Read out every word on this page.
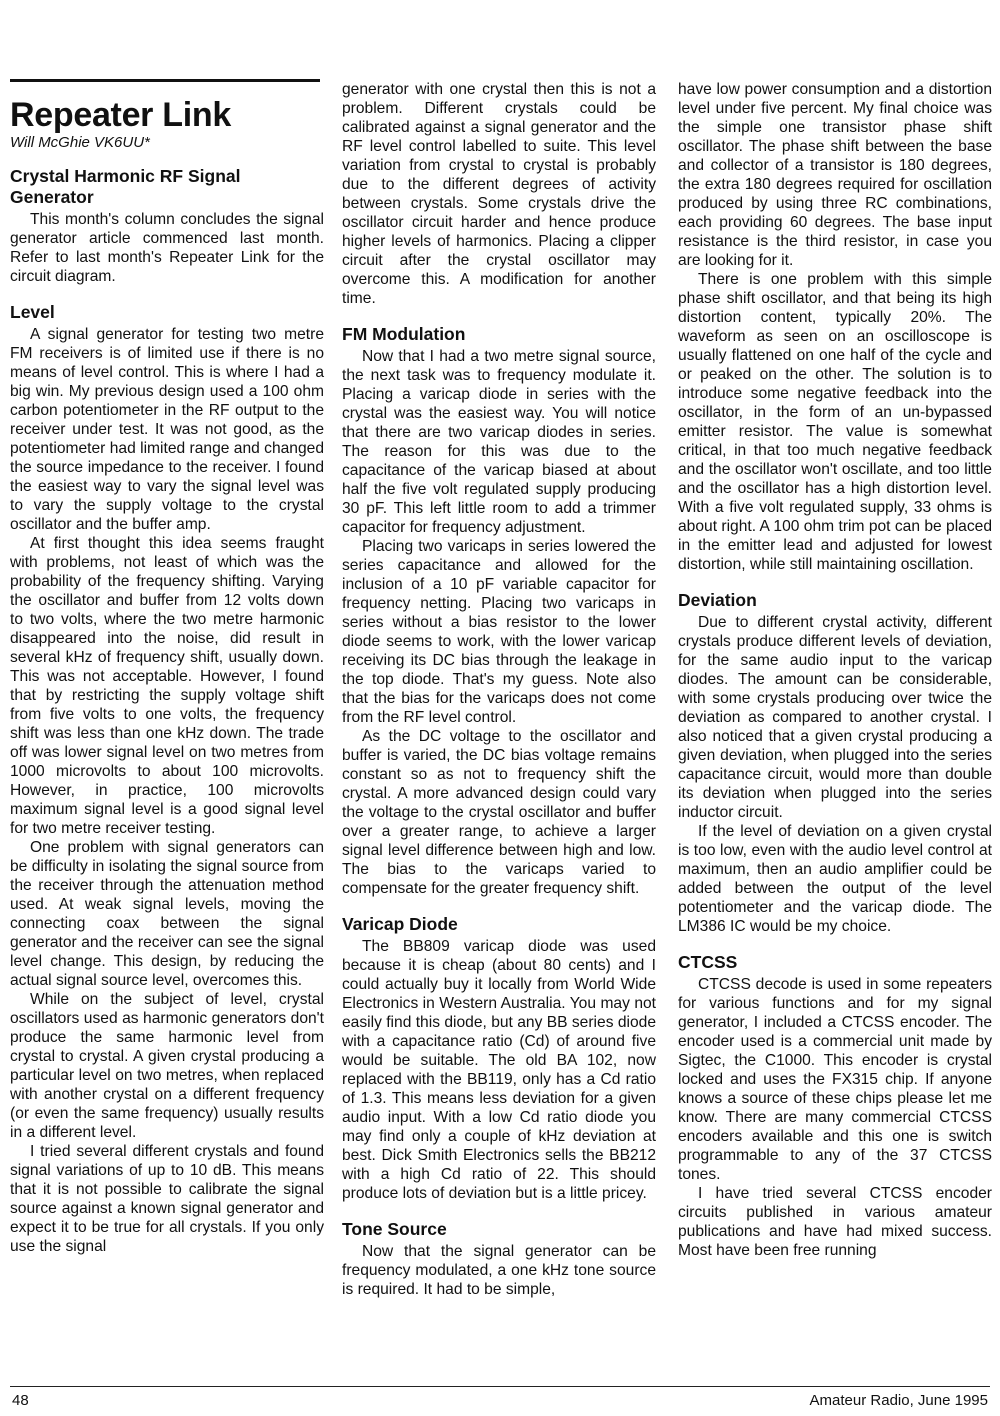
Repeater Link
Will McGhie VK6UU*
Crystal Harmonic RF Signal Generator

This month's column concludes the signal generator article commenced last month. Refer to last month's Repeater Link for the circuit diagram.

Level

A signal generator for testing two metre FM receivers is of limited use if there is no means of level control. This is where I had a big win. My previous design used a 100 ohm carbon potentiometer in the RF output to the receiver under test. It was not good, as the potentiometer had limited range and changed the source impedance to the receiver. I found the easiest way to vary the signal level was to vary the supply voltage to the crystal oscillator and the buffer amp.

At first thought this idea seems fraught with problems, not least of which was the probability of the frequency shifting. Varying the oscillator and buffer from 12 volts down to two volts, where the two metre harmonic disappeared into the noise, did result in several kHz of frequency shift, usually down. This was not acceptable. However, I found that by restricting the supply voltage shift from five volts to one volts, the frequency shift was less than one kHz down. The trade off was lower signal level on two metres from 1000 microvolts to about 100 microvolts. However, in practice, 100 microvolts maximum signal level is a good signal level for two metre receiver testing.

One problem with signal generators can be difficulty in isolating the signal source from the receiver through the attenuation method used. At weak signal levels, moving the connecting coax between the signal generator and the receiver can see the signal level change. This design, by reducing the actual signal source level, overcomes this.

While on the subject of level, crystal oscillators used as harmonic generators don't produce the same harmonic level from crystal to crystal. A given crystal producing a particular level on two metres, when replaced with another crystal on a different frequency (or even the same frequency) usually results in a different level.

I tried several different crystals and found signal variations of up to 10 dB. This means that it is not possible to calibrate the signal source against a known signal generator and expect it to be true for all crystals. If you only use the signal

generator with one crystal then this is not a problem. Different crystals could be calibrated against a signal generator and the RF level control labelled to suite. This level variation from crystal to crystal is probably due to the different degrees of activity between crystals. Some crystals drive the oscillator circuit harder and hence produce higher levels of harmonics. Placing a clipper circuit after the crystal oscillator may overcome this. A modification for another time.

FM Modulation

Now that I had a two metre signal source, the next task was to frequency modulate it. Placing a varicap diode in series with the crystal was the easiest way. You will notice that there are two varicap diodes in series. The reason for this was due to the capacitance of the varicap biased at about half the five volt regulated supply producing 30 pF. This left little room to add a trimmer capacitor for frequency adjustment.

Placing two varicaps in series lowered the series capacitance and allowed for the inclusion of a 10 pF variable capacitor for frequency netting. Placing two varicaps in series without a bias resistor to the lower diode seems to work, with the lower varicap receiving its DC bias through the leakage in the top diode. That's my guess. Note also that the bias for the varicaps does not come from the RF level control.

As the DC voltage to the oscillator and buffer is varied, the DC bias voltage remains constant so as not to frequency shift the crystal. A more advanced design could vary the voltage to the crystal oscillator and buffer over a greater range, to achieve a larger signal level difference between high and low. The bias to the varicaps varied to compensate for the greater frequency shift.

Varicap Diode

The BB809 varicap diode was used because it is cheap (about 80 cents) and I could actually buy it locally from World Wide Electronics in Western Australia. You may not easily find this diode, but any BB series diode with a capacitance ratio (Cd) of around five would be suitable. The old BA 102, now replaced with the BB119, only has a Cd ratio of 1.3. This means less deviation for a given audio input. With a low Cd ratio diode you may find only a couple of kHz deviation at best. Dick Smith Electronics sells the BB212 with a high Cd ratio of 22. This should produce lots of deviation but is a little pricey.

Tone Source

Now that the signal generator can be frequency modulated, a one kHz tone source is required. It had to be simple,

have low power consumption and a distortion level under five percent. My final choice was the simple one transistor phase shift oscillator. The phase shift between the base and collector of a transistor is 180 degrees, the extra 180 degrees required for oscillation produced by using three RC combinations, each providing 60 degrees. The base input resistance is the third resistor, in case you are looking for it.

There is one problem with this simple phase shift oscillator, and that being its high distortion content, typically 20%. The waveform as seen on an oscilloscope is usually flattened on one half of the cycle and or peaked on the other. The solution is to introduce some negative feedback into the oscillator, in the form of an un-bypassed emitter resistor. The value is somewhat critical, in that too much negative feedback and the oscillator won't oscillate, and too little and the oscillator has a high distortion level. With a five volt regulated supply, 33 ohms is about right. A 100 ohm trim pot can be placed in the emitter lead and adjusted for lowest distortion, while still maintaining oscillation.

Deviation

Due to different crystal activity, different crystals produce different levels of deviation, for the same audio input to the varicap diodes. The amount can be considerable, with some crystals producing over twice the deviation as compared to another crystal. I also noticed that a given crystal producing a given deviation, when plugged into the series capacitance circuit, would more than double its deviation when plugged into the series inductor circuit.

If the level of deviation on a given crystal is too low, even with the audio level control at maximum, then an audio amplifier could be added between the output of the level potentiometer and the varicap diode. The LM386 IC would be my choice.

CTCSS

CTCSS decode is used in some repeaters for various functions and for my signal generator, I included a CTCSS encoder. The encoder used is a commercial unit made by Sigtec, the C1000. This encoder is crystal locked and uses the FX315 chip. If anyone knows a source of these chips please let me know. There are many commercial CTCSS encoders available and this one is switch programmable to any of the 37 CTCSS tones.

I have tried several CTCSS encoder circuits published in various amateur publications and have had mixed success. Most have been free running

48	Amateur Radio, June 1995
